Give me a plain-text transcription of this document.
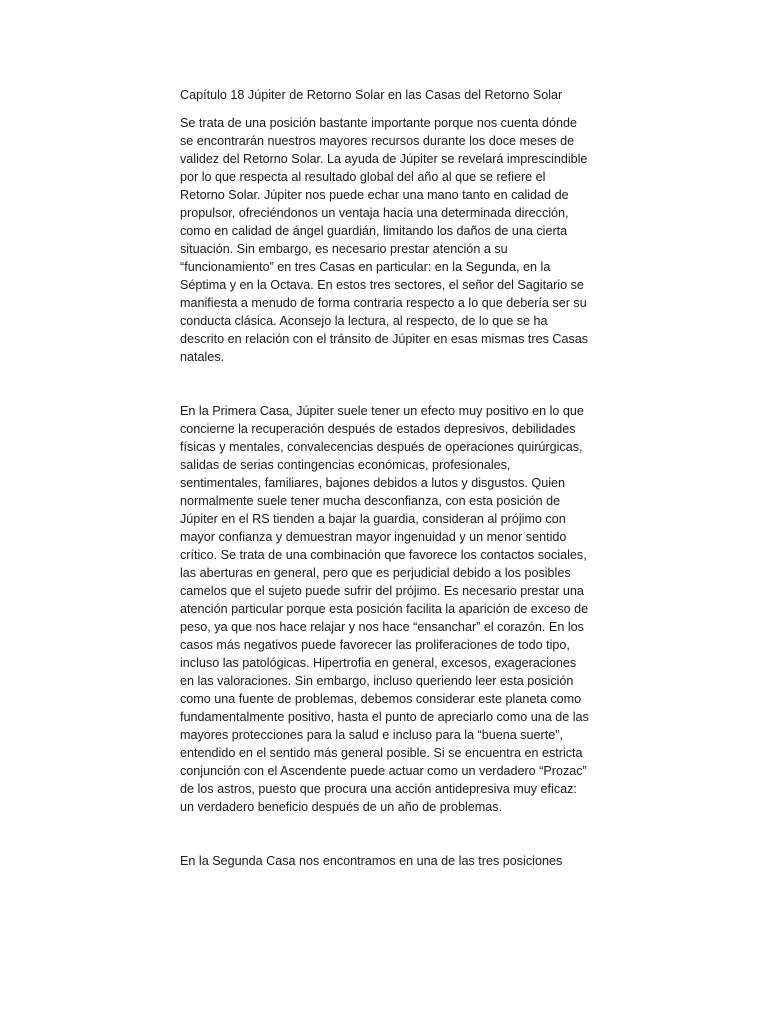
Capítulo 18 Júpiter de Retorno Solar en las Casas del Retorno Solar

Se trata de una posición bastante importante porque nos cuenta dónde se encontrarán nuestros mayores recursos durante los doce meses de validez del Retorno Solar. La ayuda de Júpiter se revelará imprescindible por lo que respecta al resultado global del año al que se refiere el Retorno Solar. Júpiter nos puede echar una mano tanto en calidad de propulsor, ofreciéndonos un ventaja hacia una determinada dirección, como en calidad de ángel guardián, limitando los daños de una cierta situación. Sin embargo, es necesario prestar atención a su “funcionamiento” en tres Casas en particular: en la Segunda, en la Séptima y en la Octava. En estos tres sectores, el señor del Sagitario se manifiesta a menudo de forma contraria respecto a lo que debería ser su conducta clásica. Aconsejo la lectura, al respecto, de lo que se ha descrito en relación con el tránsito de Júpiter en esas mismas tres Casas natales.

En la Primera Casa, Júpiter suele tener un efecto muy positivo en lo que concierne la recuperación después de estados depresivos, debilidades físicas y mentales, convalecencias después de operaciones quirúrgicas, salidas de serias contingencias económicas, profesionales, sentimentales, familiares, bajones debidos a lutos y disgustos. Quien normalmente suele tener mucha desconfianza, con esta posición de Júpiter en el RS tienden a bajar la guardia, consideran al prójimo con mayor confianza y demuestran mayor ingenuidad y un menor sentido crítico. Se trata de una combinación que favorece los contactos sociales, las aberturas en general, pero que es perjudicial debido a los posibles camelos que el sujeto puede sufrir del prójimo. Es necesario prestar una atención particular porque esta posición facilita la aparición de exceso de peso, ya que nos hace relajar y nos hace “ensanchar” el corazón. En los casos más negativos puede favorecer las proliferaciones de todo tipo, incluso las patológicas. Hipertrofia en general, excesos, exageraciones en las valoraciones. Sin embargo, incluso queriendo leer esta posición como una fuente de problemas, debemos considerar este planeta como fundamentalmente positivo, hasta el punto de apreciarlo como una de las mayores protecciones para la salud e incluso para la “buena suerte”, entendido en el sentido más general posible. Si se encuentra en estricta conjunción con el Ascendente puede actuar como un verdadero “Prozac” de los astros, puesto que procura una acción antidepresiva muy eficaz: un verdadero beneficio después de un año de problemas.

En la Segunda Casa nos encontramos en una de las tres posiciones
